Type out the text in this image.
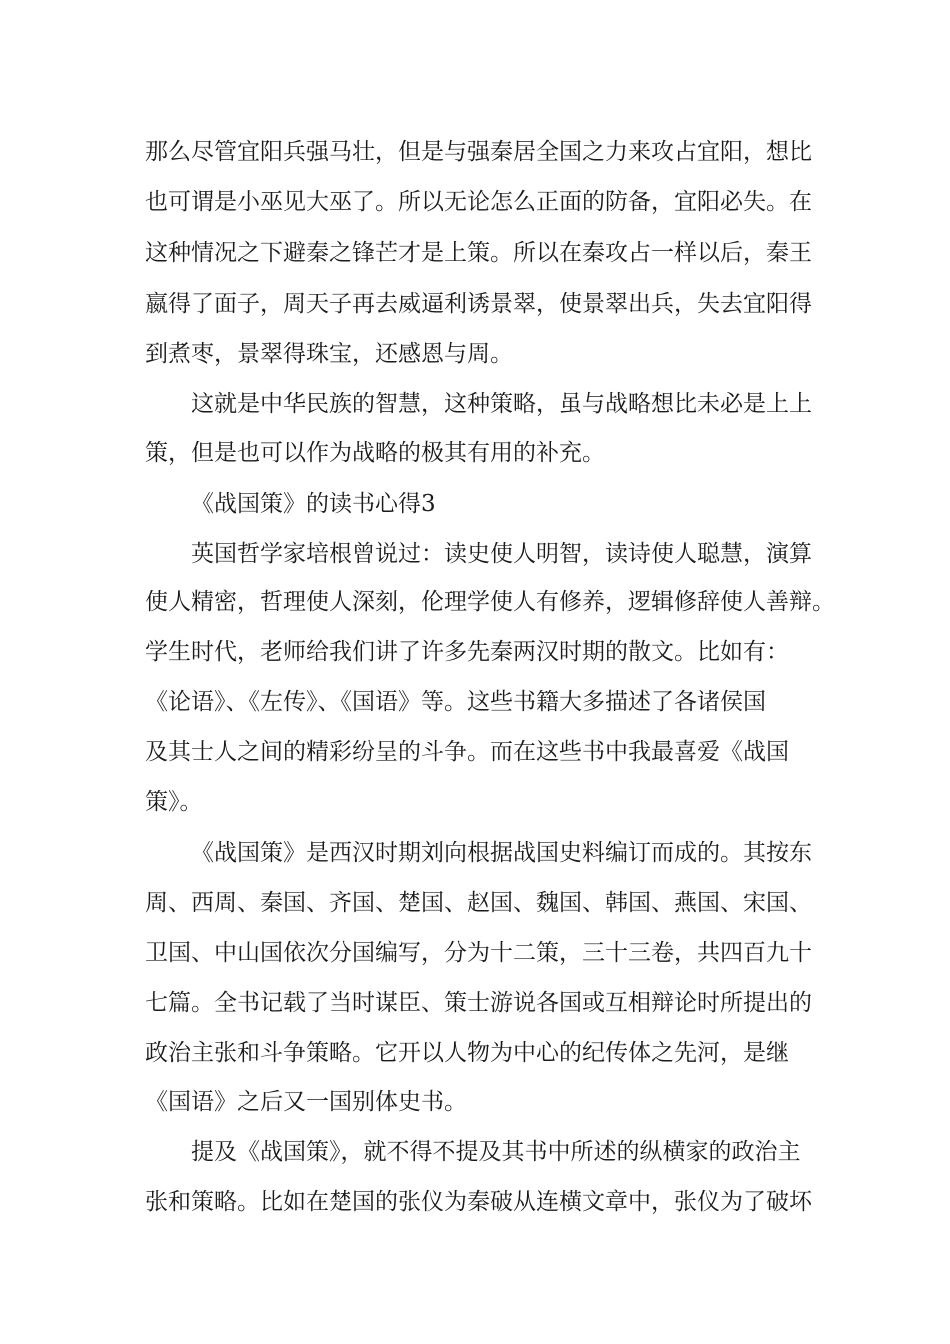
那么尽管宜阳兵强马壮，但是与强秦居全国之力来攻占宜阳，想比
也可谓是小巫见大巫了。所以无论怎么正面的防备，宜阳必失。在
这种情况之下避秦之锋芒才是上策。所以在秦攻占一样以后，秦王
嬴得了面子，周天子再去威逼利诱景翠，使景翠出兵，失去宜阳得
到煮枣，景翠得珠宝，还感恩与周。
这就是中华民族的智慧，这种策略，虽与战略想比未必是上上
策，但是也可以作为战略的极其有用的补充。
《战国策》的读书心得3
英国哲学家培根曾说过：读史使人明智，读诗使人聪慧，演算
使人精密，哲理使人深刻，伦理学使人有修养，逻辑修辞使人善辩。
学生时代，老师给我们讲了许多先秦两汉时期的散文。比如有：
《论语》、《左传》、《国语》等。这些书籍大多描述了各诸侯国
及其士人之间的精彩纷呈的斗争。而在这些书中我最喜爱《战国
策》。
《战国策》是西汉时期刘向根据战国史料编订而成的。其按东
周、西周、秦国、齐国、楚国、赵国、魏国、韩国、燕国、宋国、
卫国、中山国依次分国编写，分为十二策，三十三卷，共四百九十
七篇。全书记载了当时谋臣、策士游说各国或互相辩论时所提出的
政治主张和斗争策略。它开以人物为中心的纪传体之先河，是继
《国语》之后又一国别体史书。
提及《战国策》，就不得不提及其书中所述的纵横家的政治主
张和策略。比如在楚国的张仪为秦破从连横文章中，张仪为了破坏
